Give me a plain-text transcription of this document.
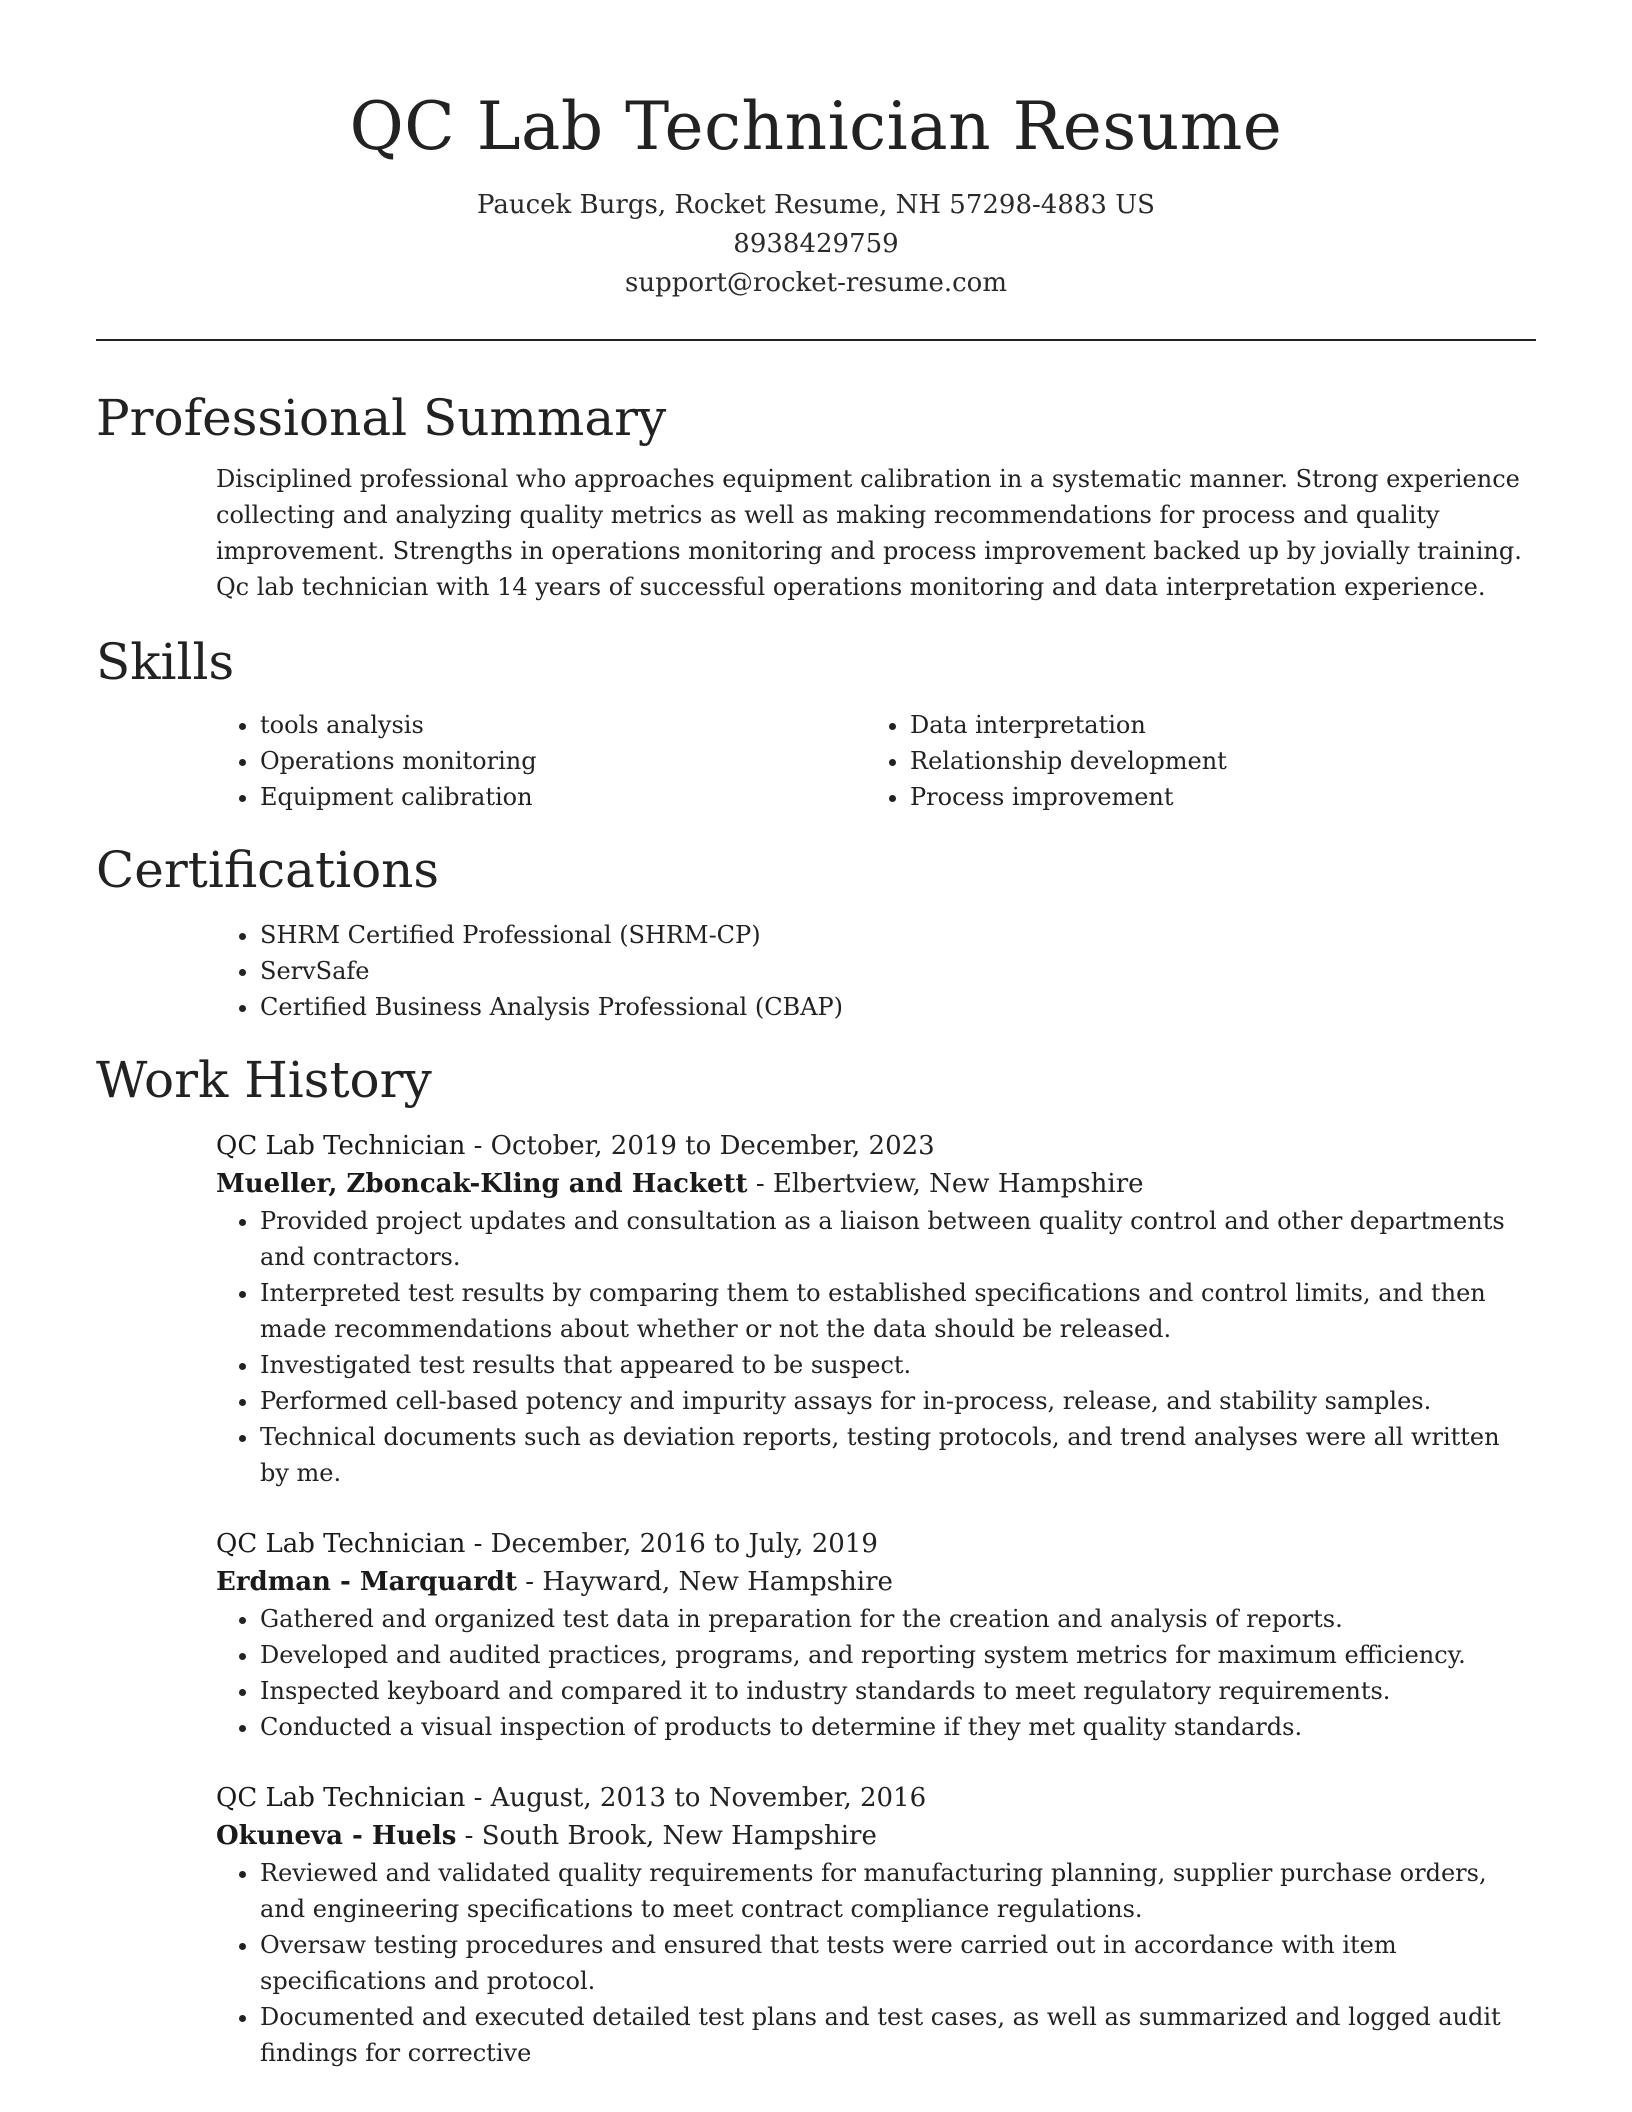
QC Lab Technician Resume
Paucek Burgs, Rocket Resume, NH 57298-4883 US
8938429759
support@rocket-resume.com
Professional Summary
Disciplined professional who approaches equipment calibration in a systematic manner. Strong experience collecting and analyzing quality metrics as well as making recommendations for process and quality improvement. Strengths in operations monitoring and process improvement backed up by jovially training. Qc lab technician with 14 years of successful operations monitoring and data interpretation experience.
Skills
• tools analysis
• Operations monitoring
• Equipment calibration
• Data interpretation
• Relationship development
• Process improvement
Certifications
• SHRM Certified Professional (SHRM-CP)
• ServSafe
• Certified Business Analysis Professional (CBAP)
Work History
QC Lab Technician - October, 2019 to December, 2023
Mueller, Zboncak-Kling and Hackett - Elbertview, New Hampshire
• Provided project updates and consultation as a liaison between quality control and other departments and contractors.
• Interpreted test results by comparing them to established specifications and control limits, and then made recommendations about whether or not the data should be released.
• Investigated test results that appeared to be suspect.
• Performed cell-based potency and impurity assays for in-process, release, and stability samples.
• Technical documents such as deviation reports, testing protocols, and trend analyses were all written by me.
QC Lab Technician - December, 2016 to July, 2019
Erdman - Marquardt - Hayward, New Hampshire
• Gathered and organized test data in preparation for the creation and analysis of reports.
• Developed and audited practices, programs, and reporting system metrics for maximum efficiency.
• Inspected keyboard and compared it to industry standards to meet regulatory requirements.
• Conducted a visual inspection of products to determine if they met quality standards.
QC Lab Technician - August, 2013 to November, 2016
Okuneva - Huels - South Brook, New Hampshire
• Reviewed and validated quality requirements for manufacturing planning, supplier purchase orders, and engineering specifications to meet contract compliance regulations.
• Oversaw testing procedures and ensured that tests were carried out in accordance with item specifications and protocol.
• Documented and executed detailed test plans and test cases, as well as summarized and logged audit findings for corrective
